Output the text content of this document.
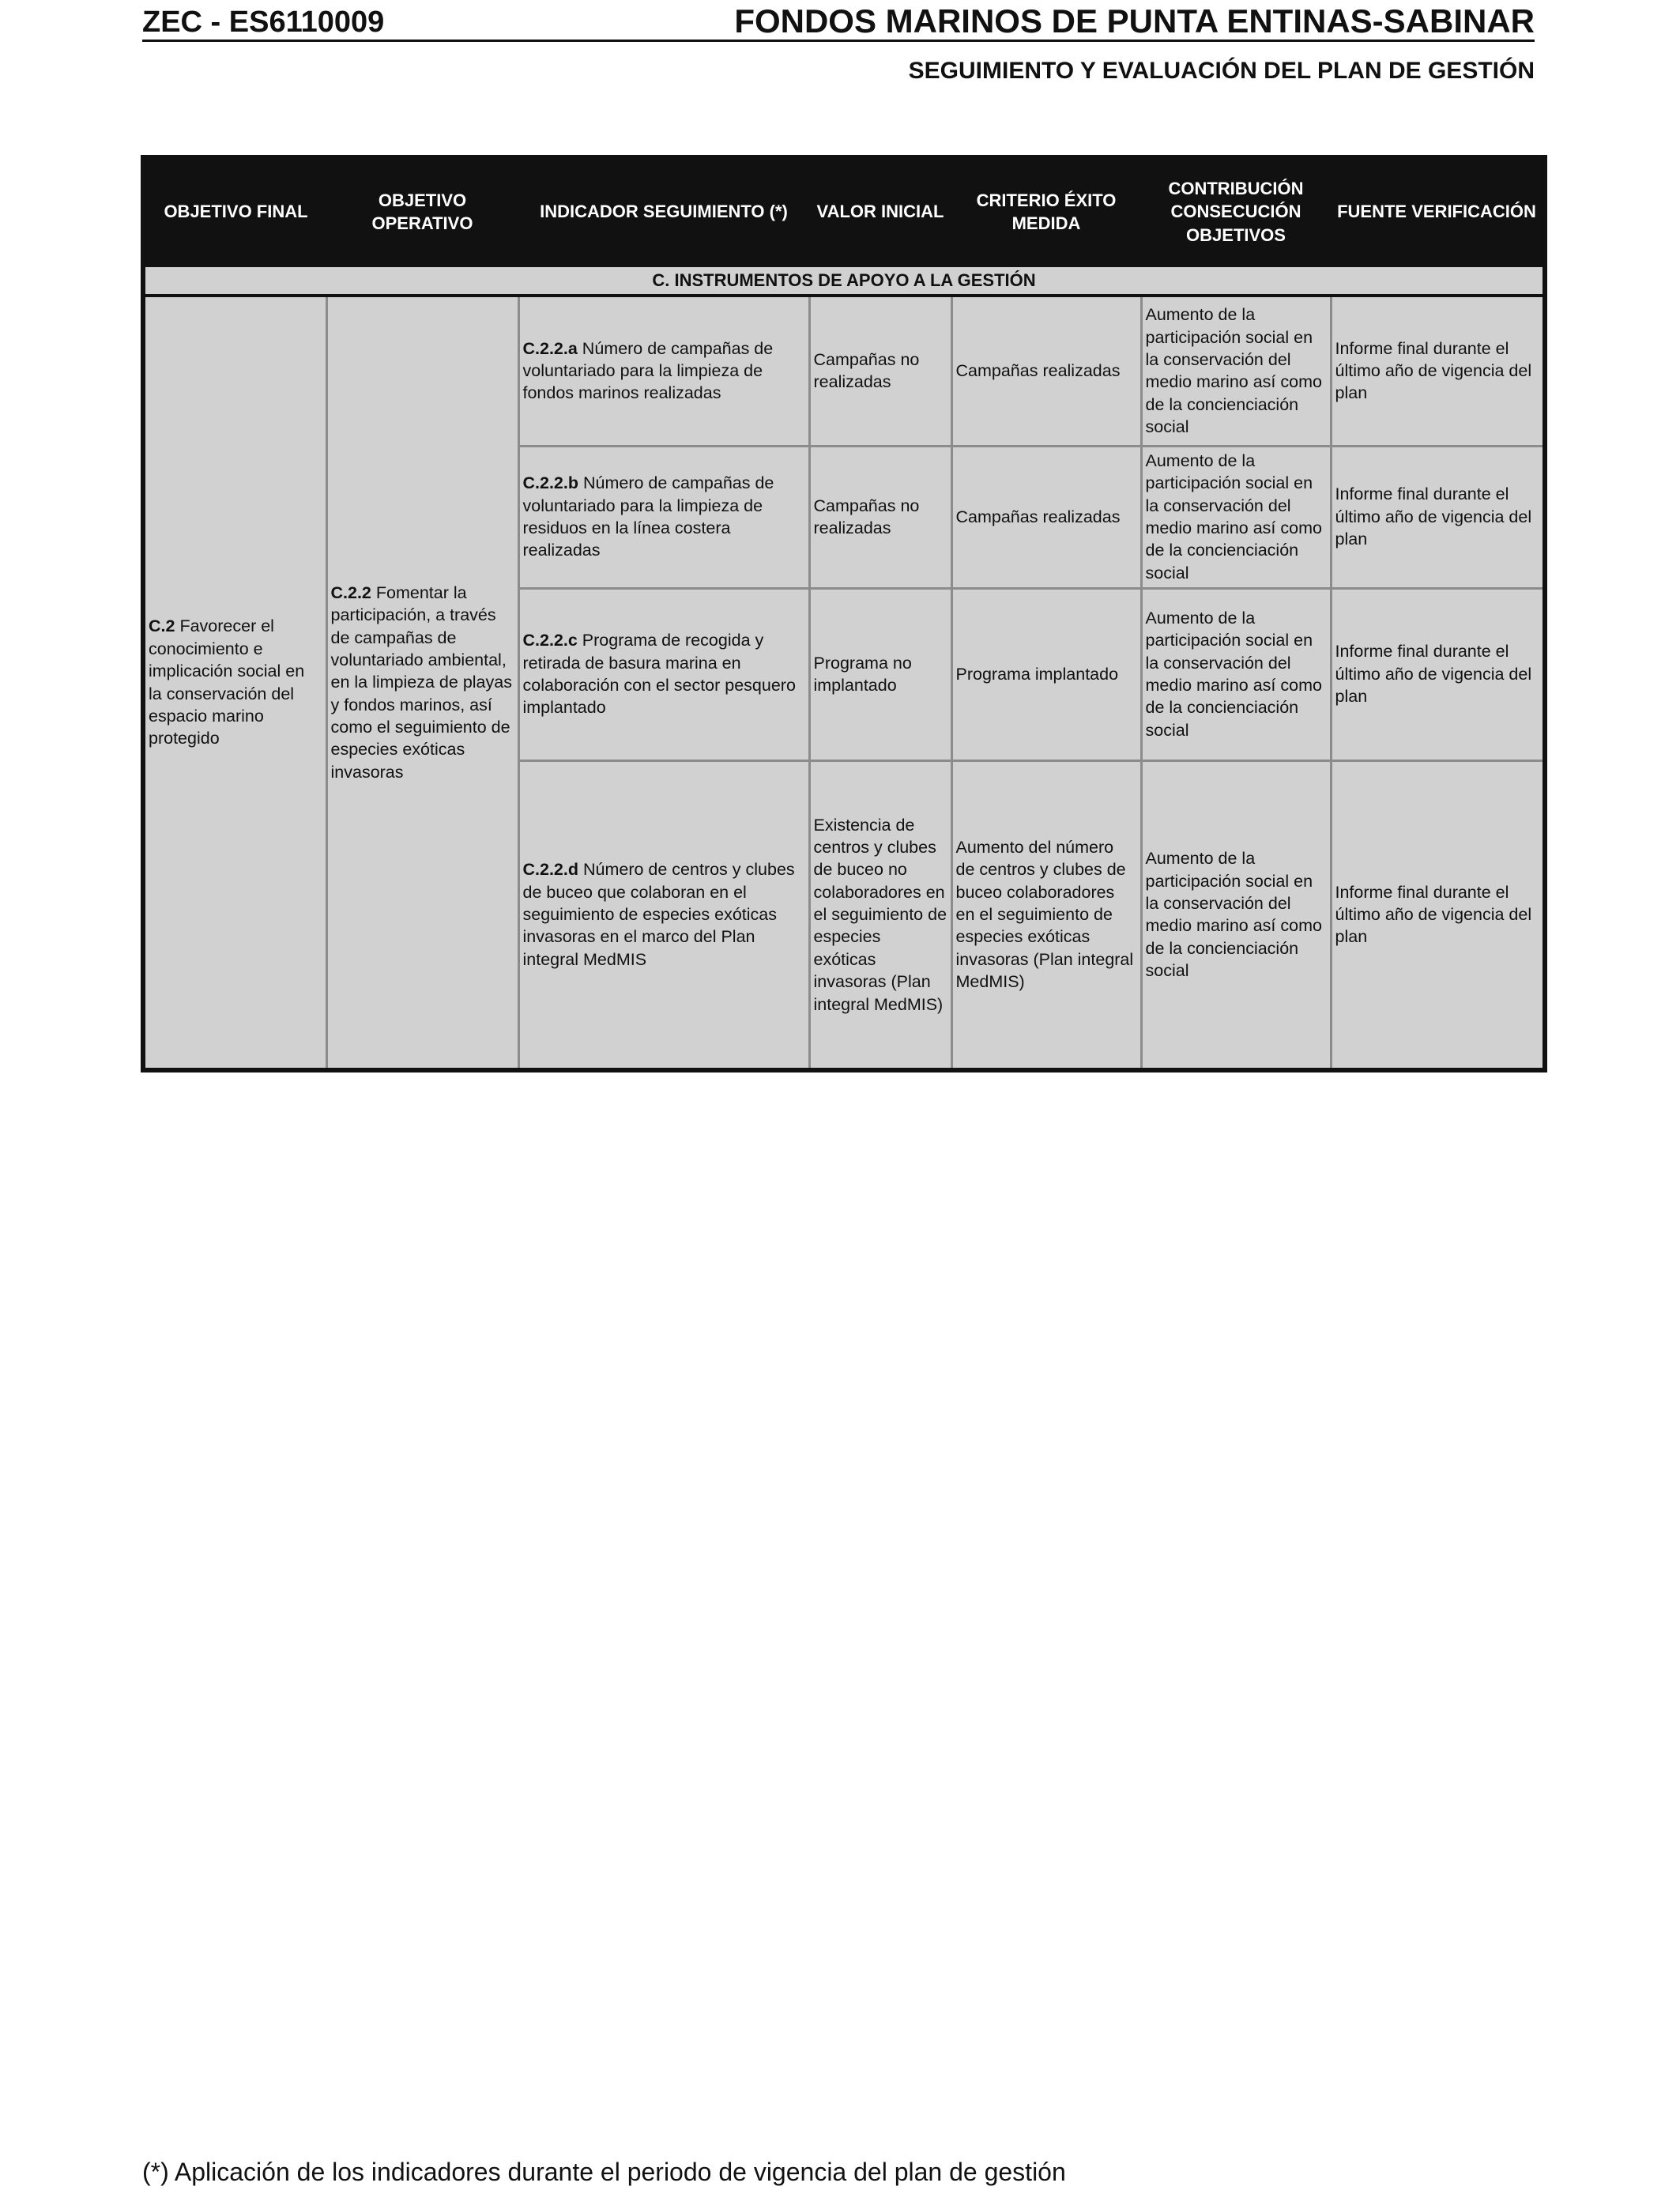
ZEC - ES6110009	FONDOS MARINOS DE PUNTA ENTINAS-SABINAR
SEGUIMIENTO Y EVALUACIÓN DEL PLAN DE GESTIÓN
OBJETIVO FINAL	OBJETIVO OPERATIVO	INDICADOR SEGUIMIENTO (*)	VALOR INICIAL	CRITERIO ÉXITO MEDIDA	CONTRIBUCIÓN CONSECUCIÓN OBJETIVOS	FUENTE VERIFICACIÓN
C. INSTRUMENTOS DE APOYO A LA GESTIÓN						
C.2 Favorecer el conocimiento e implicación social en la conservación del espacio marino protegido	C.2.2 Fomentar la participación, a través de campañas de voluntariado ambiental, en la limpieza de playas y fondos marinos, así como el seguimiento de especies exóticas invasoras	C.2.2.a Número de campañas de voluntariado para la limpieza de fondos marinos realizadas	Campañas no realizadas	Campañas realizadas	Aumento de la participación social en la conservación del medio marino así como de la concienciación social	Informe final durante el último año de vigencia del plan
		C.2.2.b Número de campañas de voluntariado para la limpieza de residuos en la línea costera realizadas	Campañas no realizadas	Campañas realizadas	Aumento de la participación social en la conservación del medio marino así como de la concienciación social	Informe final durante el último año de vigencia del plan
		C.2.2.c Programa de recogida y retirada de basura marina en colaboración con el sector pesquero implantado	Programa no implantado	Programa implantado	Aumento de la participación social en la conservación del medio marino así como de la concienciación social	Informe final durante el último año de vigencia del plan
		C.2.2.d Número de centros y clubes de buceo que colaboran en el seguimiento de especies exóticas invasoras en el marco del Plan integral MedMIS	Existencia de centros y clubes de buceo no colaboradores en el seguimiento de especies exóticas invasoras (Plan integral MedMIS)	Aumento del número de centros y clubes de buceo colaboradores en el seguimiento de especies exóticas invasoras (Plan integral MedMIS)	Aumento de la participación social en la conservación del medio marino así como de la concienciación social	Informe final durante el último año de vigencia del plan
(*) Aplicación de los indicadores durante el periodo de vigencia del plan de gestión
